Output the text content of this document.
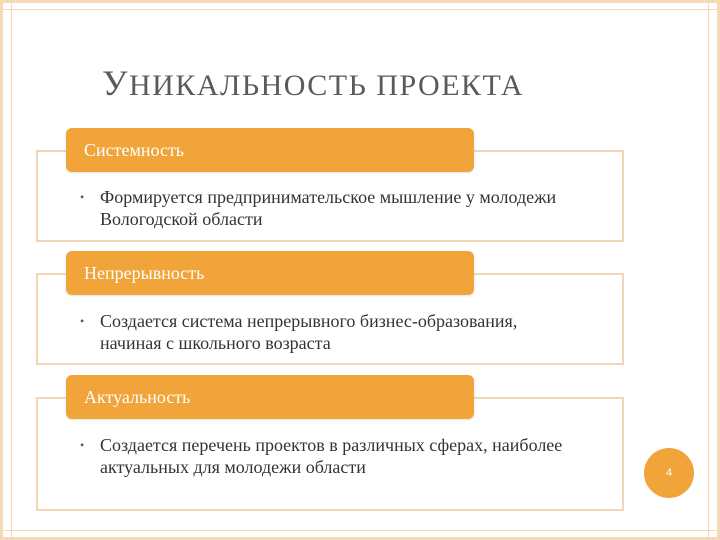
УНИКАЛЬНОСТЬ ПРОЕКТА
Системность
• Формируется предпринимательское мышление у молодежи Вологодской области
Непрерывность
• Создается система непрерывного бизнес-образования, начиная с школьного возраста
Актуальность
• Создается перечень проектов в различных сферах, наиболее актуальных для молодежи области	4
